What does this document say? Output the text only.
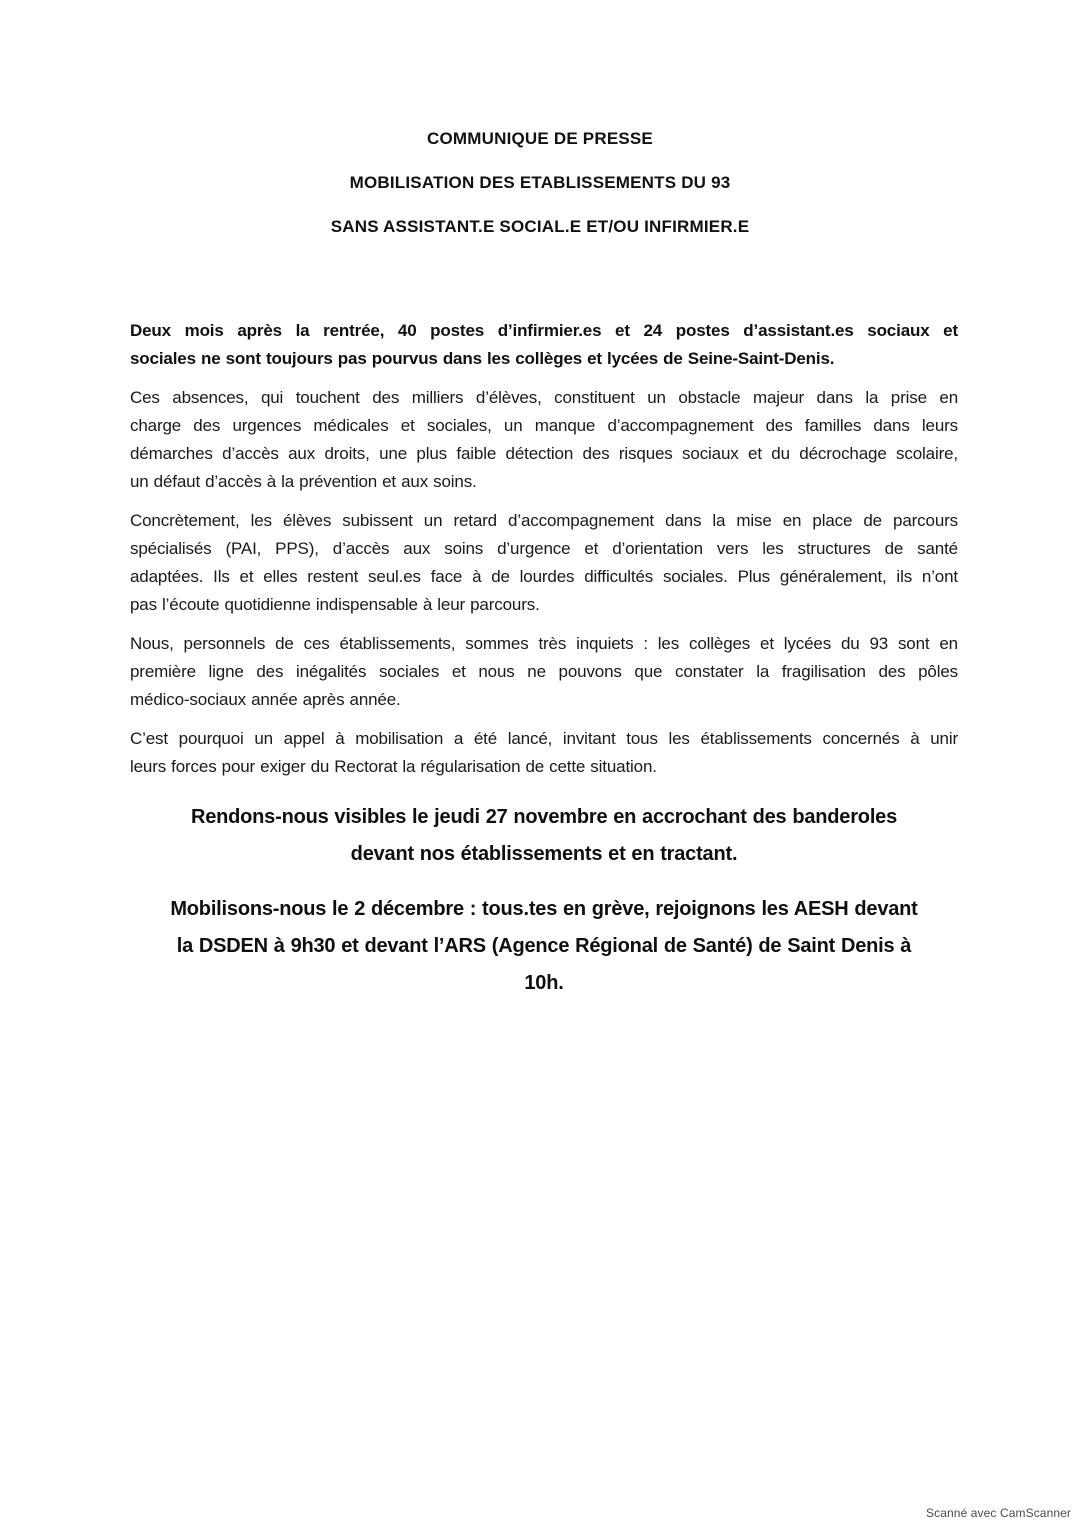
COMMUNIQUE DE PRESSE
MOBILISATION DES ETABLISSEMENTS DU 93
SANS ASSISTANT.E SOCIAL.E ET/OU INFIRMIER.E
Deux mois après la rentrée, 40 postes d’infirmier.es et 24 postes d’assistant.es sociaux et
sociales ne sont toujours pas pourvus dans les collèges et lycées de Seine-Saint-Denis.
Ces absences, qui touchent des milliers d’élèves, constituent un obstacle majeur dans la prise en
charge des urgences médicales et sociales, un manque d’accompagnement des familles dans leurs
démarches d’accès aux droits, une plus faible détection des risques sociaux et du décrochage scolaire,
un défaut d’accès à la prévention et aux soins.
Concrètement, les élèves subissent un retard d’accompagnement dans la mise en place de parcours
spécialisés (PAI, PPS), d’accès aux soins d’urgence et d’orientation vers les structures de santé
adaptées. Ils et elles restent seul.es face à de lourdes difficultés sociales. Plus généralement, ils n’ont
pas l’écoute quotidienne indispensable à leur parcours.
Nous, personnels de ces établissements, sommes très inquiets : les collèges et lycées du 93 sont en
première ligne des inégalités sociales et nous ne pouvons que constater la fragilisation des pôles
médico-sociaux année après année.
C’est pourquoi un appel à mobilisation a été lancé, invitant tous les établissements concernés à unir
leurs forces pour exiger du Rectorat la régularisation de cette situation.
Rendons-nous visibles le jeudi 27 novembre en accrochant des banderoles
devant nos établissements et en tractant.
Mobilisons-nous le 2 décembre : tous.tes en grève, rejoignons les AESH devant
la DSDEN à 9h30 et devant l’ARS (Agence Régional de Santé) de Saint Denis à
10h.
Scanné avec CamScanner
